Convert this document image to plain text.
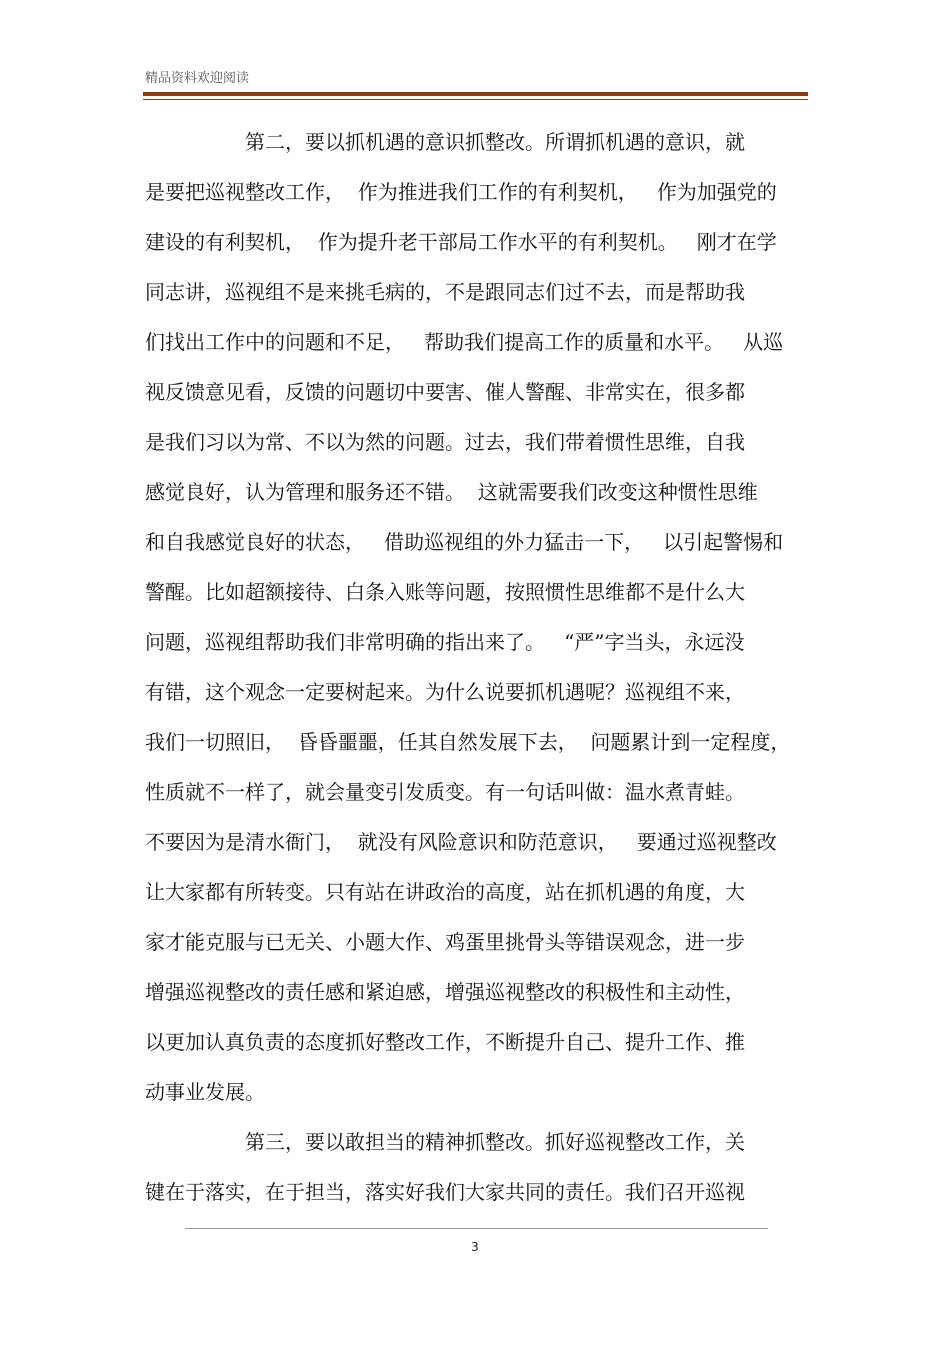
精品资料欢迎阅读
第二，要以抓机遇的意识抓整改。所谓抓机遇的意识，就
是要把巡视整改工作，  作为推进我们工作的有利契机，   作为加强党的
建设的有利契机，  作为提升老干部局工作水平的有利契机。   刚才在学
同志讲，巡视组不是来挑毛病的，不是跟同志们过不去，而是帮助我
们找出工作中的问题和不足，   帮助我们提高工作的质量和水平。   从巡
视反馈意见看，反馈的问题切中要害、催人警醒、非常实在，很多都
是我们习以为常、不以为然的问题。过去，我们带着惯性思维，自我
感觉良好，认为管理和服务还不错。  这就需要我们改变这种惯性思维
和自我感觉良好的状态，   借助巡视组的外力猛击一下，   以引起警惕和
警醒。比如超额接待、白条入账等问题，按照惯性思维都不是什么大
问题，巡视组帮助我们非常明确的指出来了。   “严”字当头，永远没
有错，这个观念一定要树起来。为什么说要抓机遇呢？巡视组不来，
我们一切照旧，  昏昏噩噩，任其自然发展下去，  问题累计到一定程度，
性质就不一样了，就会量变引发质变。有一句话叫做：温水煮青蛙。
不要因为是清水衙门，  就没有风险意识和防范意识，   要通过巡视整改
让大家都有所转变。只有站在讲政治的高度，站在抓机遇的角度，大
家才能克服与已无关、小题大作、鸡蛋里挑骨头等错误观念，进一步
增强巡视整改的责任感和紧迫感，增强巡视整改的积极性和主动性，
以更加认真负责的态度抓好整改工作，不断提升自己、提升工作、推
动事业发展。
第三，要以敢担当的精神抓整改。抓好巡视整改工作，关
键在于落实，在于担当，落实好我们大家共同的责任。我们召开巡视
3
